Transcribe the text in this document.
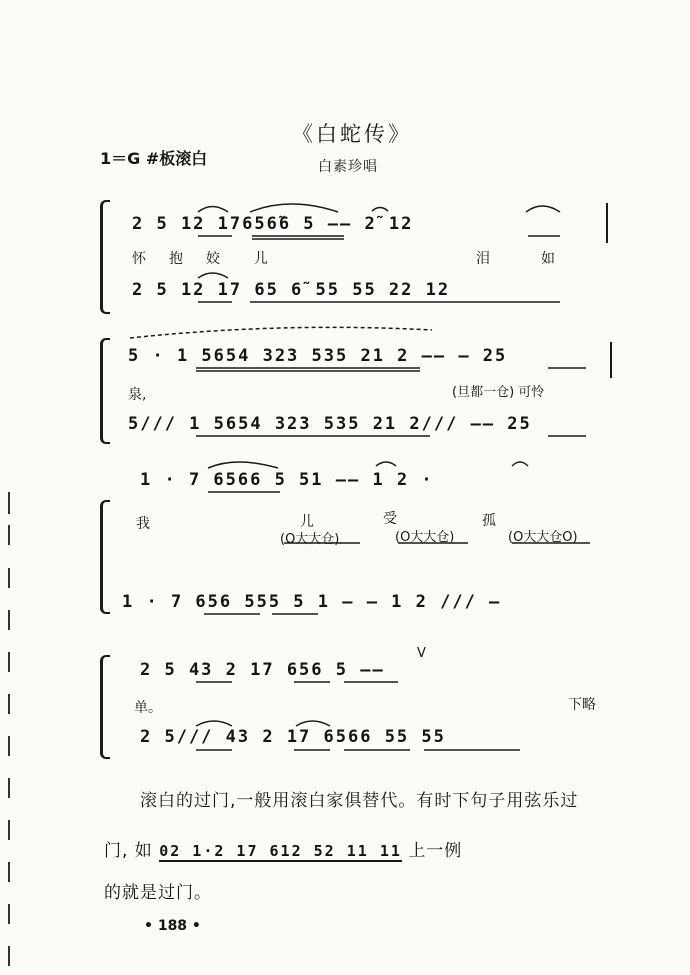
《白蛇传》
1＝G #板滚白	白素珍唱
2 5 12 17656̃6 5 —— 2̃ 12
怀 抱 姣 儿	泪	如
2 5 12 17 65 6̃ 55 55 22 12
5 · 1 5654 323 535 21 2 —— — 25
泉,	(旦都一仓) 可怜
5/// 1 5654 323 535 21 2/// —— 25
1 · 7 6566 5 51 —— 1 2 ·
我	儿	受	孤
(O大大仓)	(O大大仓)	(O大大仓O)
1 · 7 656 555 5 1 — — 1 2 /// —
2 5 43 2 17 656 5 ——
V
单。	下略
2 5/// 43 2 17 6566 55 55
滚白的过门,一般用滚白家俱替代。有时下句子用弦乐过
门, 如 02 1·2 17 612 52 11 11 上一例
的就是过门。
• 188 •
